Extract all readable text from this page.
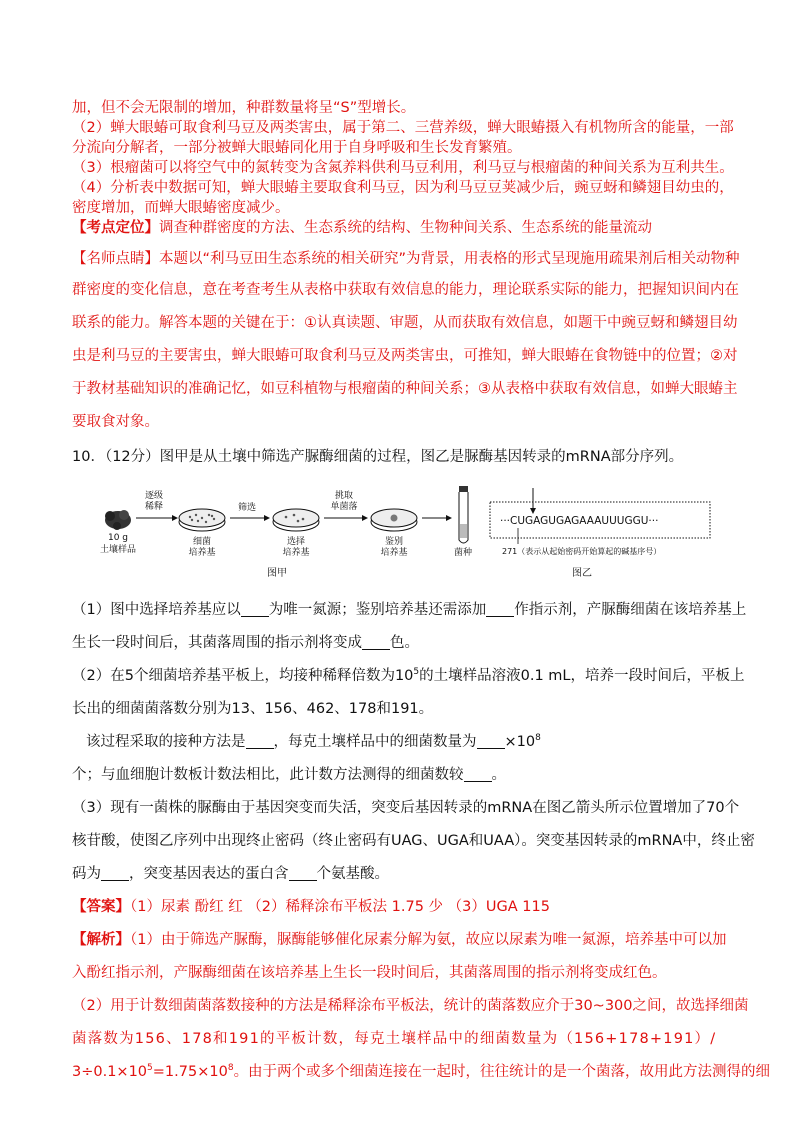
加，但不会无限制的增加，种群数量将呈“S”型增长。

（2）蝉大眼蝽可取食利马豆及两类害虫，属于第二、三营养级，蝉大眼蝽摄入有机物所含的能量，一部

分流向分解者，一部分被蝉大眼蝽同化用于自身呼吸和生长发育繁殖。

（3）根瘤菌可以将空气中的氮转变为含氮养料供利马豆利用，利马豆与根瘤菌的种间关系为互利共生。

（4）分析表中数据可知，蝉大眼蝽主要取食利马豆，因为利马豆豆荚减少后，豌豆蚜和鳞翅目幼虫的，

密度增加，而蝉大眼蝽密度减少。

【考点定位】调查种群密度的方法、生态系统的结构、生物种间关系、生态系统的能量流动

【名师点睛】本题以“利马豆田生态系统的相关研究”为背景，用表格的形式呈现施用疏果剂后相关动物种

群密度的变化信息，意在考查考生从表格中获取有效信息的能力，理论联系实际的能力，把握知识间内在

联系的能力。解答本题的关键在于：①认真读题、审题，从而获取有效信息，如题干中豌豆蚜和鳞翅目幼

虫是利马豆的主要害虫，蝉大眼蝽可取食利马豆及两类害虫，可推知，蝉大眼蝽在食物链中的位置；②对

于教材基础知识的准确记忆，如豆科植物与根瘤菌的种间关系；③从表格中获取有效信息，如蝉大眼蝽主

要取食对象。

10．（12分）图甲是从土壤中筛选产脲酶细菌的过程，图乙是脲酶基因转录的mRNA部分序列。

10 g
土壤样品
逐级
稀释
细菌
培养基
筛选
选择
培养基
挑取
单菌落
鉴别
培养基	菌种
图甲
···CUGAGUGAGAAAUUUGGU···
271（表示从起始密码开始算起的碱基序号）
图乙

（1）图中选择培养基应以 为唯一氮源；鉴别培养基还需添加 作指示剂，产脲酶细菌在该培养基上

生长一段时间后，其菌落周围的指示剂将变成 色。

（2）在5个细菌培养基平板上，均接种稀释倍数为$10^5$的土壤样品溶液0.1 mL，培养一段时间后，平板上

长出的细菌菌落数分别为13、156、462、178和191。

该过程采取的接种方法是 ，每克土壤样品中的细菌数量为 $\times 10^8$

个；与血细胞计数板计数法相比，此计数方法测得的细菌数较 。

（3）现有一菌株的脲酶由于基因突变而失活，突变后基因转录的mRNA在图乙箭头所示位置增加了70个

核苷酸，使图乙序列中出现终止密码（终止密码有UAG、UGA和UAA）。突变基因转录的mRNA中，终止密

码为 ，突变基因表达的蛋白含 个氨基酸。

【答案】（1）尿素 酚红 红 （2）稀释涂布平板法 1.75 少 （3）UGA 115

【解析】（1）由于筛选产脲酶，脲酶能够催化尿素分解为氨，故应以尿素为唯一氮源，培养基中可以加

入酚红指示剂，产脲酶细菌在该培养基上生长一段时间后，其菌落周围的指示剂将变成红色。

（2）用于计数细菌菌落数接种的方法是稀释涂布平板法，统计的菌落数应介于30~300之间，故选择细菌

菌落数为156、178和191的平板计数，每克土壤样品中的细菌数量为（156+178+191）/

$3\div 0.1\times 10^5=1.75\times 10^8$。由于两个或多个细菌连接在一起时，往往统计的是一个菌落，故用此方法测得的细
